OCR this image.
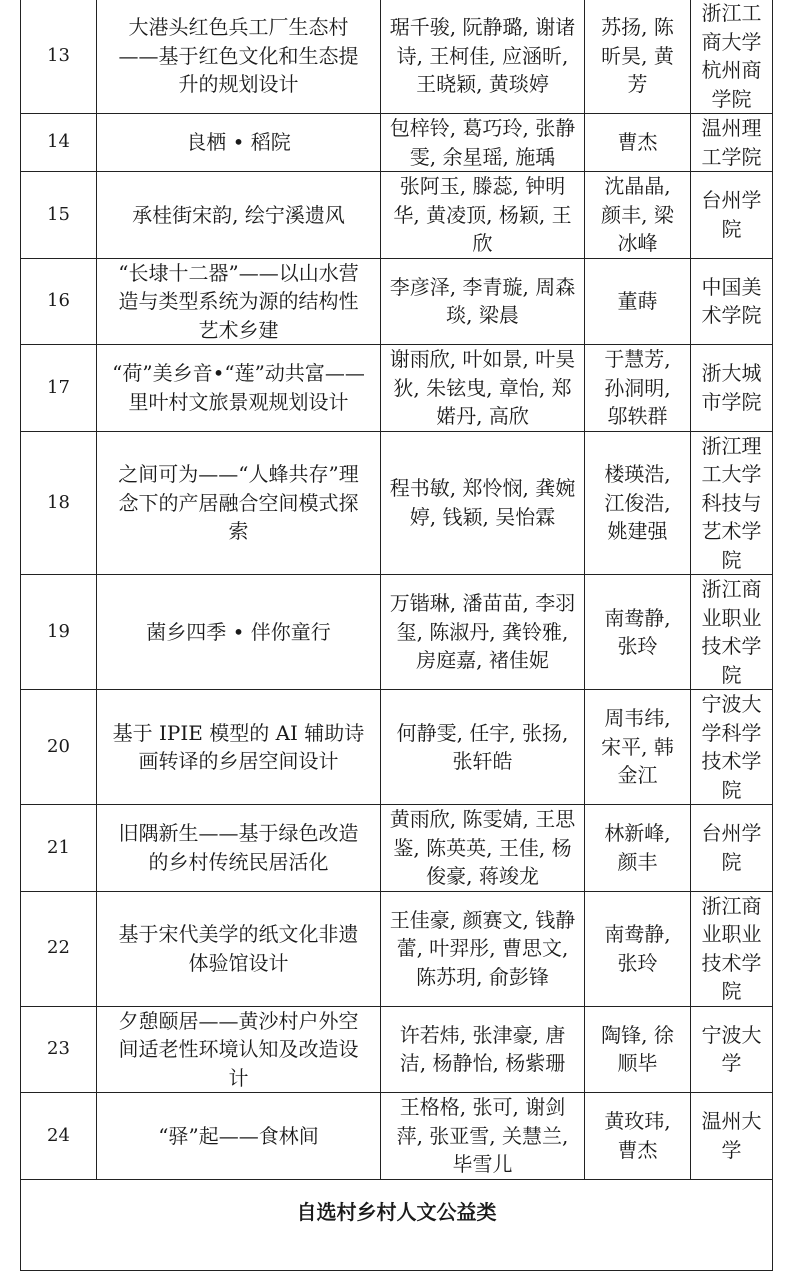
13	大港头红色兵工厂生态村——基于红色文化和生态提升的规划设计	琚千骏, 阮静璐, 谢诸诗, 王柯佳, 应涵昕, 王晓颖, 黄琰婷	苏扬, 陈昕昊, 黄芳	浙江工商大学杭州商学院

14	良栖 • 稻院	包梓铃, 葛巧玲, 张静雯, 余星瑶, 施瑀	曹杰	温州理工学院

15	承桂街宋韵, 绘宁溪遗风	张阿玉, 滕蕊, 钟明华, 黄凌顶, 杨颖, 王欣	沈晶晶, 颜丰, 梁冰峰	台州学院

16	“长埭十二器”——以山水营造与类型系统为源的结构性艺术乡建	李彦泽, 李青璇, 周森琰, 梁晨	董蒔	中国美术学院

17	“荷”美乡音•“莲”动共富——里叶村文旅景观规划设计	谢雨欣, 叶如景, 叶昊狄, 朱铉曳, 章怡, 郑婼丹, 高欣	于慧芳, 孙洞明, 邬轶群	浙大城市学院

18	之间可为——“人蜂共存”理念下的产居融合空间模式探索	程书敏, 郑怜悯, 龚婉婷, 钱颖, 吴怡霖	楼瑛浩, 江俊浩, 姚建强	浙江理工大学科技与艺术学院

19	菌乡四季 • 伴你童行	万锴琳, 潘苗苗, 李羽玺, 陈淑丹, 龚铃雅, 房庭嘉, 褚佳妮	南鸯静, 张玲	浙江商业职业技术学院

20	基于 IPIE 模型的 AI 辅助诗画转译的乡居空间设计	何静雯, 任宇, 张扬, 张轩皓	周韦纬, 宋平, 韩金江	宁波大学科学技术学院

21	旧隅新生——基于绿色改造的乡村传统民居活化	黄雨欣, 陈雯婧, 王思鉴, 陈英英, 王佳, 杨俊豪, 蒋竣龙	林新峰, 颜丰	台州学院

22	基于宋代美学的纸文化非遗体验馆设计	王佳豪, 颜赛文, 钱静蕾, 叶羿彤, 曹思文, 陈苏玥, 俞彭锋	南鸯静, 张玲	浙江商业职业技术学院

23	夕憩颐居——黄沙村户外空间适老性环境认知及改造设计	许若炜, 张津豪, 唐洁, 杨静怡, 杨紫珊	陶锋, 徐顺毕	宁波大学

24	“驿”起——食林间	王格格, 张可, 谢剑萍, 张亚雪, 关慧兰, 毕雪儿	黄玫玮, 曹杰	温州大学

自选村乡村人文公益类				
